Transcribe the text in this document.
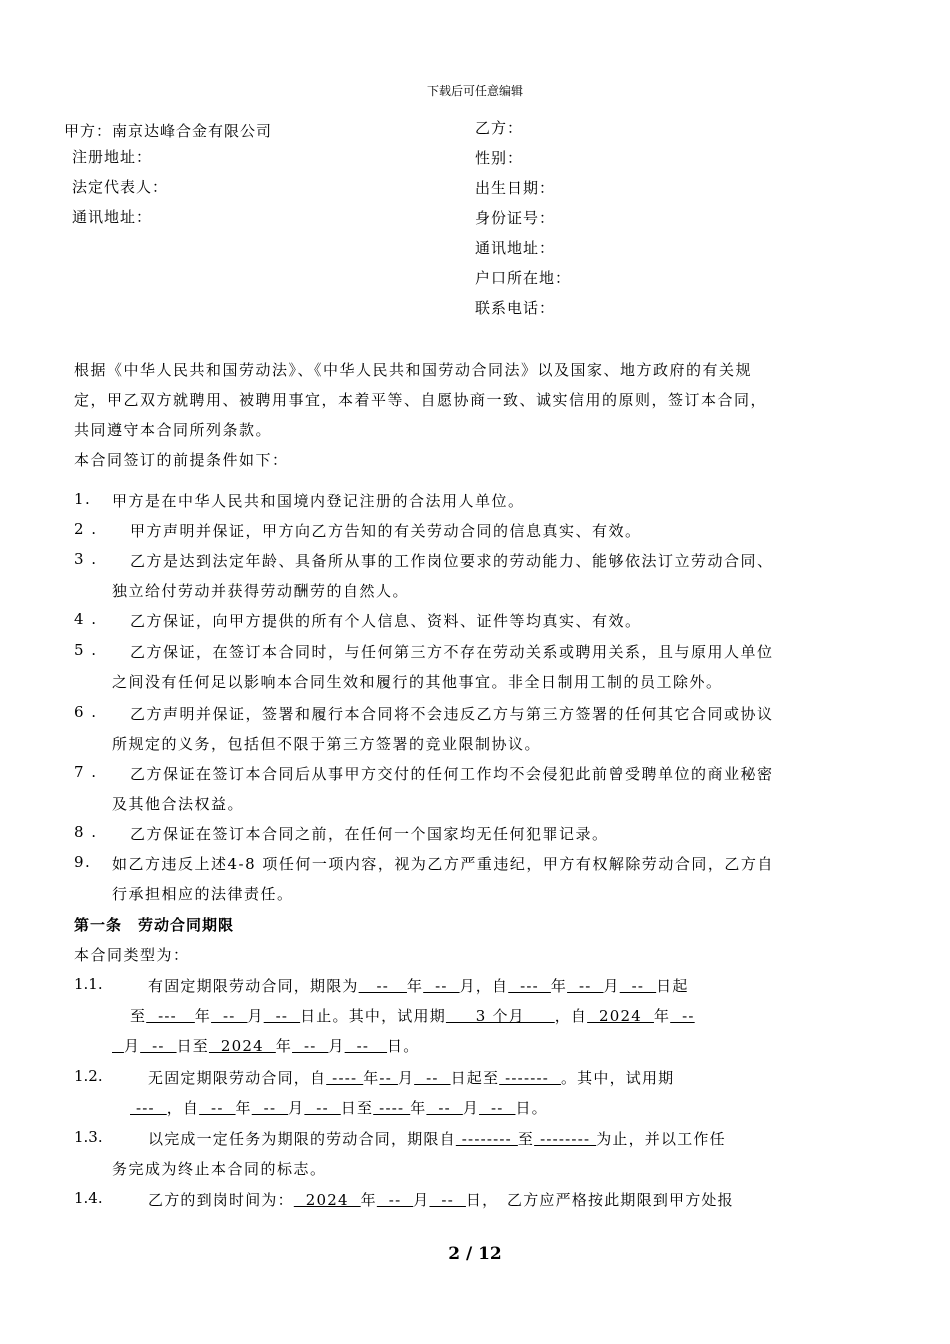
下载后可任意编辑
甲方：南京达峰合金有限公司
注册地址：
法定代表人：
通讯地址：
乙方：
性别：
出生日期：
身份证号：
通讯地址：
户口所在地：
联系电话：
根据《中华人民共和国劳动法》、《中华人民共和国劳动合同法》以及国家、地方政府的有关规
定，甲乙双方就聘用、被聘用事宜，本着平等、自愿协商一致、诚实信用的原则，签订本合同，
共同遵守本合同所列条款。
本合同签订的前提条件如下：
1. 甲方是在中华人民共和国境内登记注册的合法用人单位。
2 . 甲方声明并保证，甲方向乙方告知的有关劳动合同的信息真实、有效。
3 . 乙方是达到法定年龄、具备所从事的工作岗位要求的劳动能力、能够依法订立劳动合同、
独立给付劳动并获得劳动酬劳的自然人。
4 . 乙方保证，向甲方提供的所有个人信息、资料、证件等均真实、有效。
5 . 乙方保证，在签订本合同时，与任何第三方不存在劳动关系或聘用关系，且与原用人单位
之间没有任何足以影响本合同生效和履行的其他事宜。非全日制用工制的员工除外。
6 . 乙方声明并保证，签署和履行本合同将不会违反乙方与第三方签署的任何其它合同或协议
所规定的义务，包括但不限于第三方签署的竞业限制协议。
7 . 乙方保证在签订本合同后从事甲方交付的任何工作均不会侵犯此前曾受聘单位的商业秘密
及其他合法权益。
8 . 乙方保证在签订本合同之前，在任何一个国家均无任何犯罪记录。
9. 如乙方违反上述4-8 项任何一项内容，视为乙方严重违纪，甲方有权解除劳动合同，乙方自
行承担相应的法律责任。
第一条　劳动合同期限
本合同类型为：
1.1.	有固定期限劳动合同，期限为   --   年  --  月，自  ---  年  --  月  --  日起
至  ---   年  --  月  --  日止。其中，试用期     3 个月     ，自  2024  年  --
月  --  日至  2024  年  --  月  --   日。
1.2.	无固定期限劳动合同，自 ---- 年-- 月  --  日起至 -------  。其中，试用期
---  ，自  --  年  --  月  --  日至 ---- 年  --  月  --  日。
1.3.	以完成一定任务为期限的劳动合同，期限自 -------- 至 -------- 为止，并以工作任
务完成为终止本合同的标志。
1.4.	乙方的到岗时间为：  2024  年  --  月  --  日，　乙方应严格按此期限到甲方处报
2 / 12
